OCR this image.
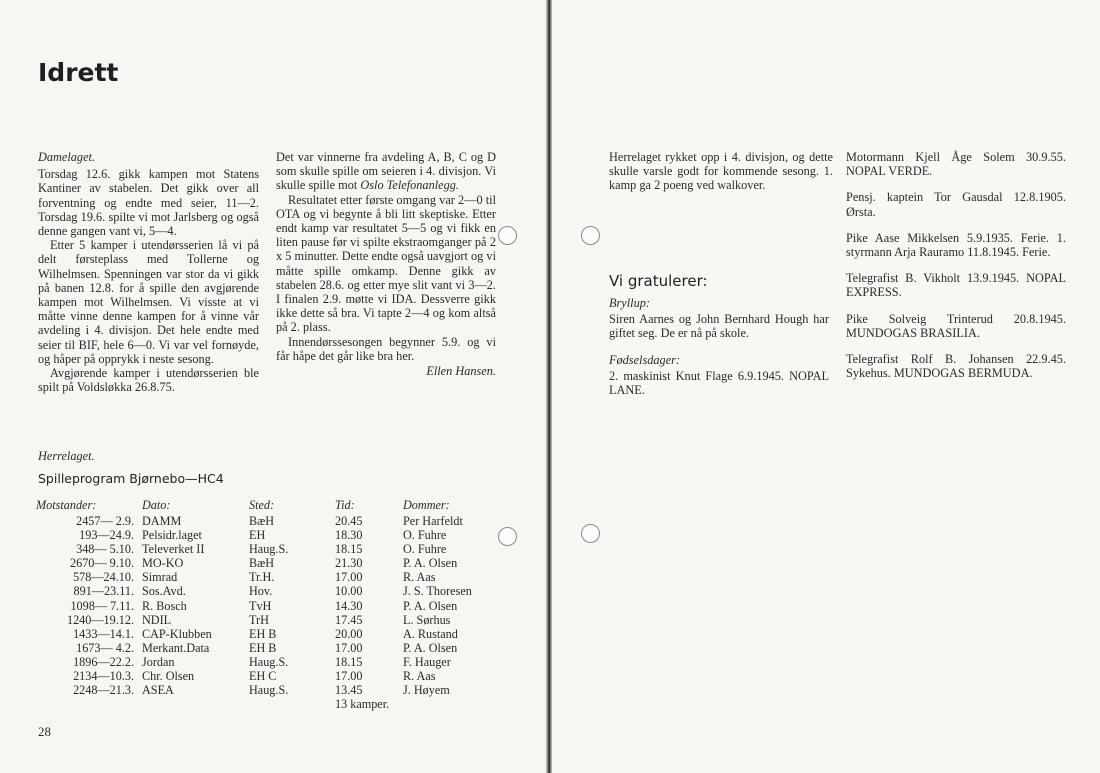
Idrett

Damelaget.

Torsdag 12.6. gikk kampen mot Statens Kantiner av stabelen. Det gikk over all forventning og endte med seier, 11—2. Torsdag 19.6. spilte vi mot Jarlsberg og også denne gangen vant vi, 5—4.

Etter 5 kamper i utendørsserien lå vi på delt førsteplass med Tollerne og Wilhelmsen. Spenningen var stor da vi gikk på banen 12.8. for å spille den avgjørende kampen mot Wilhelmsen. Vi visste at vi måtte vinne denne kampen for å vinne vår avdeling i 4. divisjon. Det hele endte med seier til BIF, hele 6—0. Vi var vel fornøyde, og håper på opprykk i neste sesong.

Avgjørende kamper i utendørsserien ble spilt på Voldsløkka 26.8.75.

Det var vinnerne fra avdeling A, B, C og D som skulle spille om seieren i 4. divisjon. Vi skulle spille mot Oslo Telefonanlegg.

Resultatet etter første omgang var 2—0 til OTA og vi begynte å bli litt skeptiske. Etter endt kamp var resultatet 5—5 og vi fikk en liten pause før vi spilte ekstraomganger på 2 x 5 minutter. Dette endte også uavgjort og vi måtte spille omkamp. Denne gikk av stabelen 28.6. og etter mye slit vant vi 3—2. I finalen 2.9. møtte vi IDA. Dessverre gikk ikke dette så bra. Vi tapte 2—4 og kom altså på 2. plass.

Innendørssesongen begynner 5.9. og vi får håpe det går like bra her.

Ellen Hansen.
Herrelaget.
Spilleprogram Bjørnebo—HC4
Motstander:	Dato:	Sted:	Tid:	Dommer:
2457— 2.9.	DAMM	BæH	20.45	Per Harfeldt
193—24.9.	Pelsidr.laget	EH	18.30	O. Fuhre
348— 5.10.	Televerket II	Haug.S.	18.15	O. Fuhre
2670— 9.10.	MO-KO	BæH	21.30	P. A. Olsen
578—24.10.	Simrad	Tr.H.	17.00	R. Aas
891—23.11.	Sos.Avd.	Hov.	10.00	J. S. Thoresen
1098— 7.11.	R. Bosch	TvH	14.30	P. A. Olsen
1240—19.12.	NDIL	TrH	17.45	L. Sørhus
1433—14.1.	CAP-Klubben	EH B	20.00	A. Rustand
1673— 4.2.	Merkant.Data	EH B	17.00	P. A. Olsen
1896—22.2.	Jordan	Haug.S.	18.15	F. Hauger
2134—10.3.	Chr. Olsen	EH C	17.00	R. Aas
2248—21.3.	ASEA	Haug.S.	13.45	J. Høyem
			13 kamper.	
28

Herrelaget rykket opp i 4. divisjon, og dette skulle varsle godt for kommende sesong. 1. kamp ga 2 poeng ved walkover.

Vi gratulerer:

Bryllup:

Siren Aarnes og John Bernhard Hough har giftet seg. De er nå på skole.

Fødselsdager:

2. maskinist Knut Flage 6.9.1945. NOPAL LANE.

Motormann Kjell Åge Solem 30.9.55. NOPAL VERDE.

Pensj. kaptein Tor Gausdal 12.8.1905. Ørsta.

Pike Aase Mikkelsen 5.9.1935. Ferie. 1. styrmann Arja Rauramo 11.8.1945. Ferie.

Telegrafist B. Vikholt 13.9.1945. NOPAL EXPRESS.

Pike Solveig Trinterud 20.8.1945. MUNDOGAS BRASILIA.

Telegrafist Rolf B. Johansen 22.9.45. Sykehus. MUNDOGAS BERMUDA.
